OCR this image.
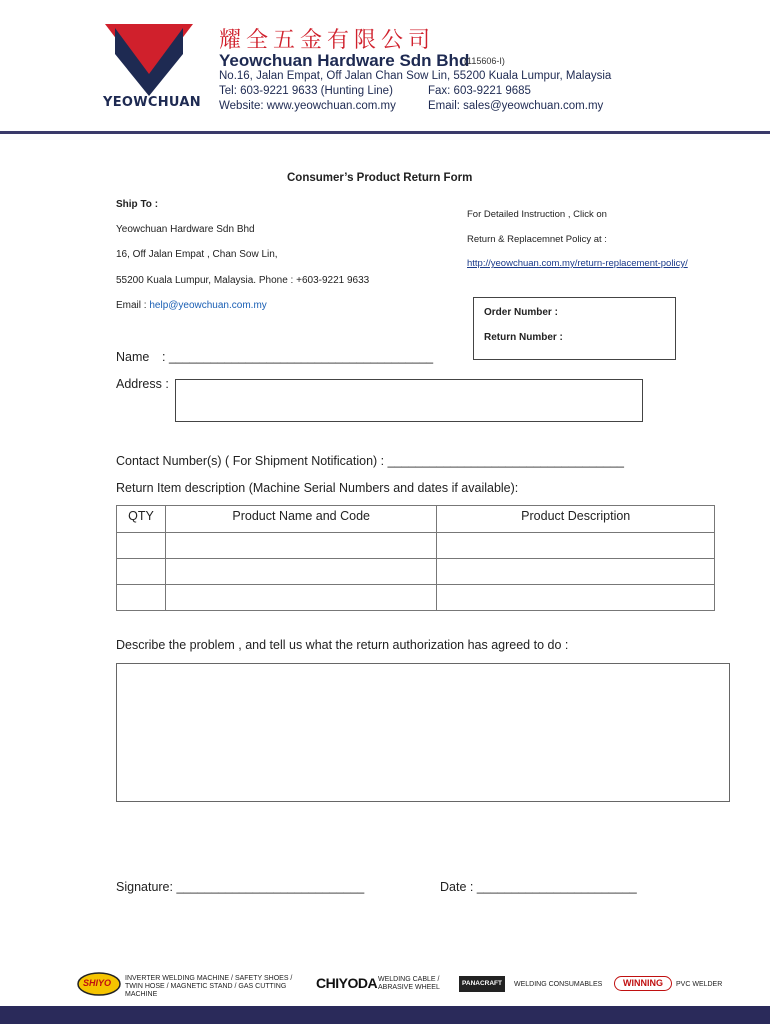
YEOWCHUAN
耀全五金有限公司
Yeowchuan Hardware Sdn Bhd
(115606-I)
No.16, Jalan Empat, Off Jalan Chan Sow Lin, 55200 Kuala Lumpur, Malaysia
Tel: 603-9221 9633 (Hunting Line)	Fax: 603-9221 9685
Website: www.yeowchuan.com.my	Email: sales@yeowchuan.com.my
Consumer’s Product Return Form
Ship To :
Yeowchuan Hardware Sdn Bhd
16, Off Jalan Empat , Chan Sow Lin,
55200 Kuala Lumpur, Malaysia. Phone : +603-9221 9633
Email : help@yeowchuan.com.my
For Detailed Instruction , Click on
Return & Replacemnet Policy at :
http://yeowchuan.com.my/return-replacement-policy/
Order Number :
Return Number :
Name : ______________________________________
Address :
Contact Number(s) ( For Shipment Notification) : __________________________________
Return Item description (Machine Serial Numbers and dates if available):
QTY	Product Name and Code	Product Description

Describe the problem , and tell us what the return authorization has agreed to do :
Signature: ___________________________	Date : _______________________
SHIYO INVERTER WELDING MACHINE / SAFETY SHOES / TWIN HOSE / MAGNETIC STAND / GAS CUTTING MACHINE
CHIYODA WELDING CABLE / ABRASIVE WHEEL
PANACRAFT	WELDING CONSUMABLES	WINNING	PVC WELDER
